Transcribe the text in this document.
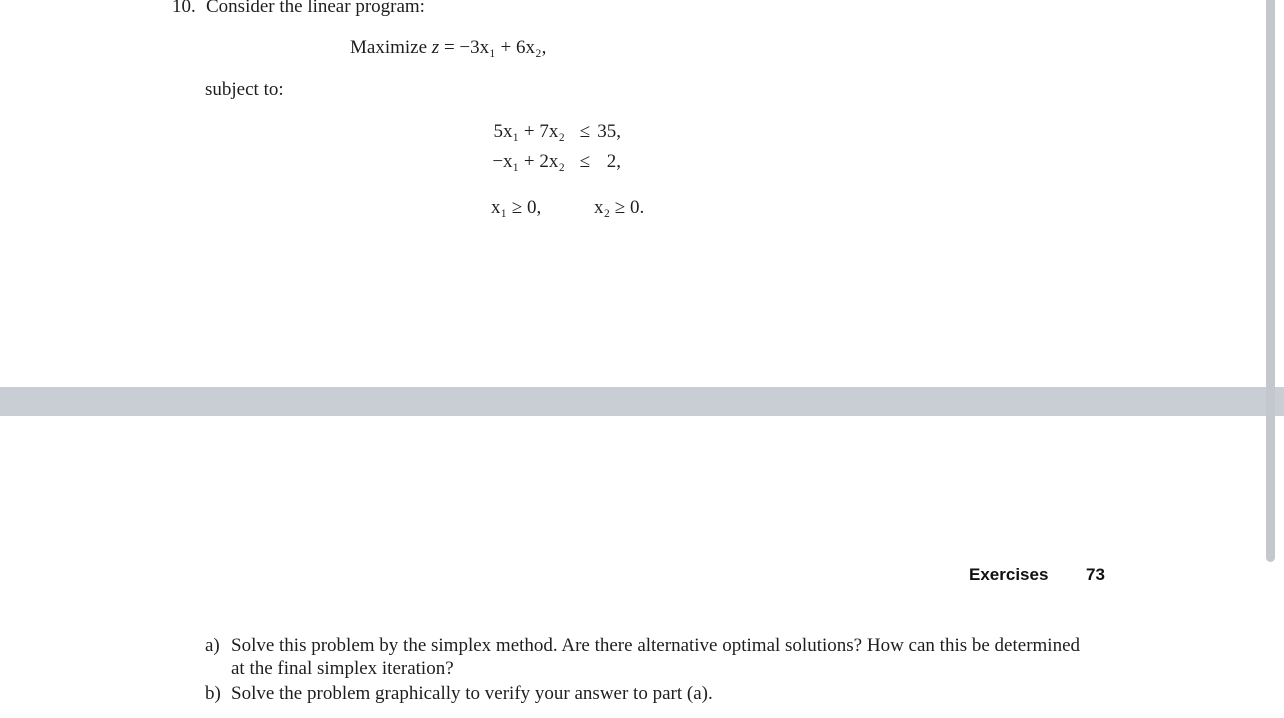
10. Consider the linear program:
Maximize z = −3x₁ + 6x₂,
subject to:
5x₁ + 7x₂ ≤ 35,
−x₁ + 2x₂ ≤ 2,
x₁ ≥ 0,	x₂ ≥ 0.
Exercises 73
a) Solve this problem by the simplex method. Are there alternative optimal solutions? How can this be determined
at the final simplex iteration?
b) Solve the problem graphically to verify your answer to part (a).
